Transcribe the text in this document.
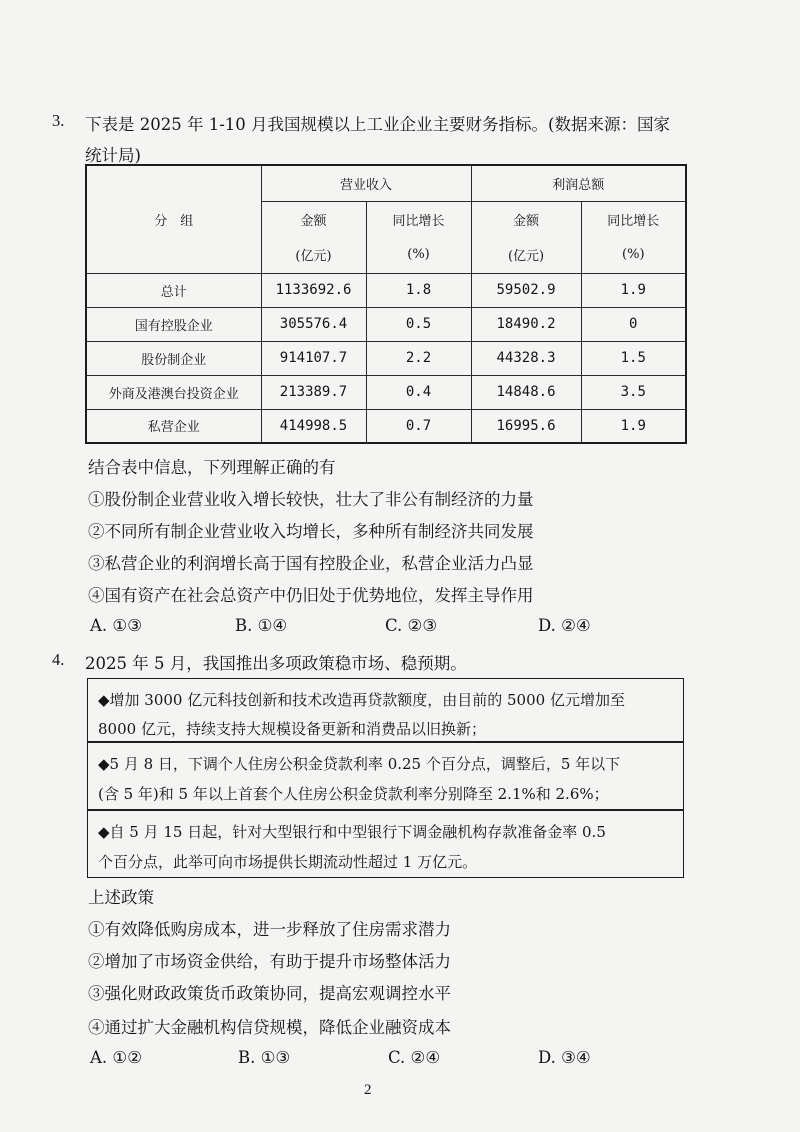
3. 下表是 2025 年 1-10 月我国规模以上工业企业主要财务指标。(数据来源：国家
统计局)
分　组	营业收入		利润总额	
	金额	同比增长	金额	同比增长
	(亿元)	(%)	(亿元)	(%)
总计	1133692.6	1.8	59502.9	1.9
国有控股企业	305576.4	0.5	18490.2	0
股份制企业	914107.7	2.2	44328.3	1.5
外商及港澳台投资企业	213389.7	0.4	14848.6	3.5
私营企业	414998.5	0.7	16995.6	1.9
结合表中信息，下列理解正确的有
①股份制企业营业收入增长较快，壮大了非公有制经济的力量
②不同所有制企业营业收入均增长，多种所有制经济共同发展
③私营企业的利润增长高于国有控股企业，私营企业活力凸显
④国有资产在社会总资产中仍旧处于优势地位，发挥主导作用
A. ①③	B. ①④	C. ②③	D. ②④
4. 2025 年 5 月，我国推出多项政策稳市场、稳预期。
◆增加 3000 亿元科技创新和技术改造再贷款额度，由目前的 5000 亿元增加至
8000 亿元，持续支持大规模设备更新和消费品以旧换新；
◆5 月 8 日，下调个人住房公积金贷款利率 0.25 个百分点，调整后，5 年以下
(含 5 年)和 5 年以上首套个人住房公积金贷款利率分别降至 2.1%和 2.6%；
◆自 5 月 15 日起，针对大型银行和中型银行下调金融机构存款准备金率 0.5
个百分点，此举可向市场提供长期流动性超过 1 万亿元。
上述政策
①有效降低购房成本，进一步释放了住房需求潜力
②增加了市场资金供给，有助于提升市场整体活力
③强化财政政策货币政策协同，提高宏观调控水平
④通过扩大金融机构信贷规模，降低企业融资成本
A. ①②	B. ①③	C. ②④	D. ③④
2
